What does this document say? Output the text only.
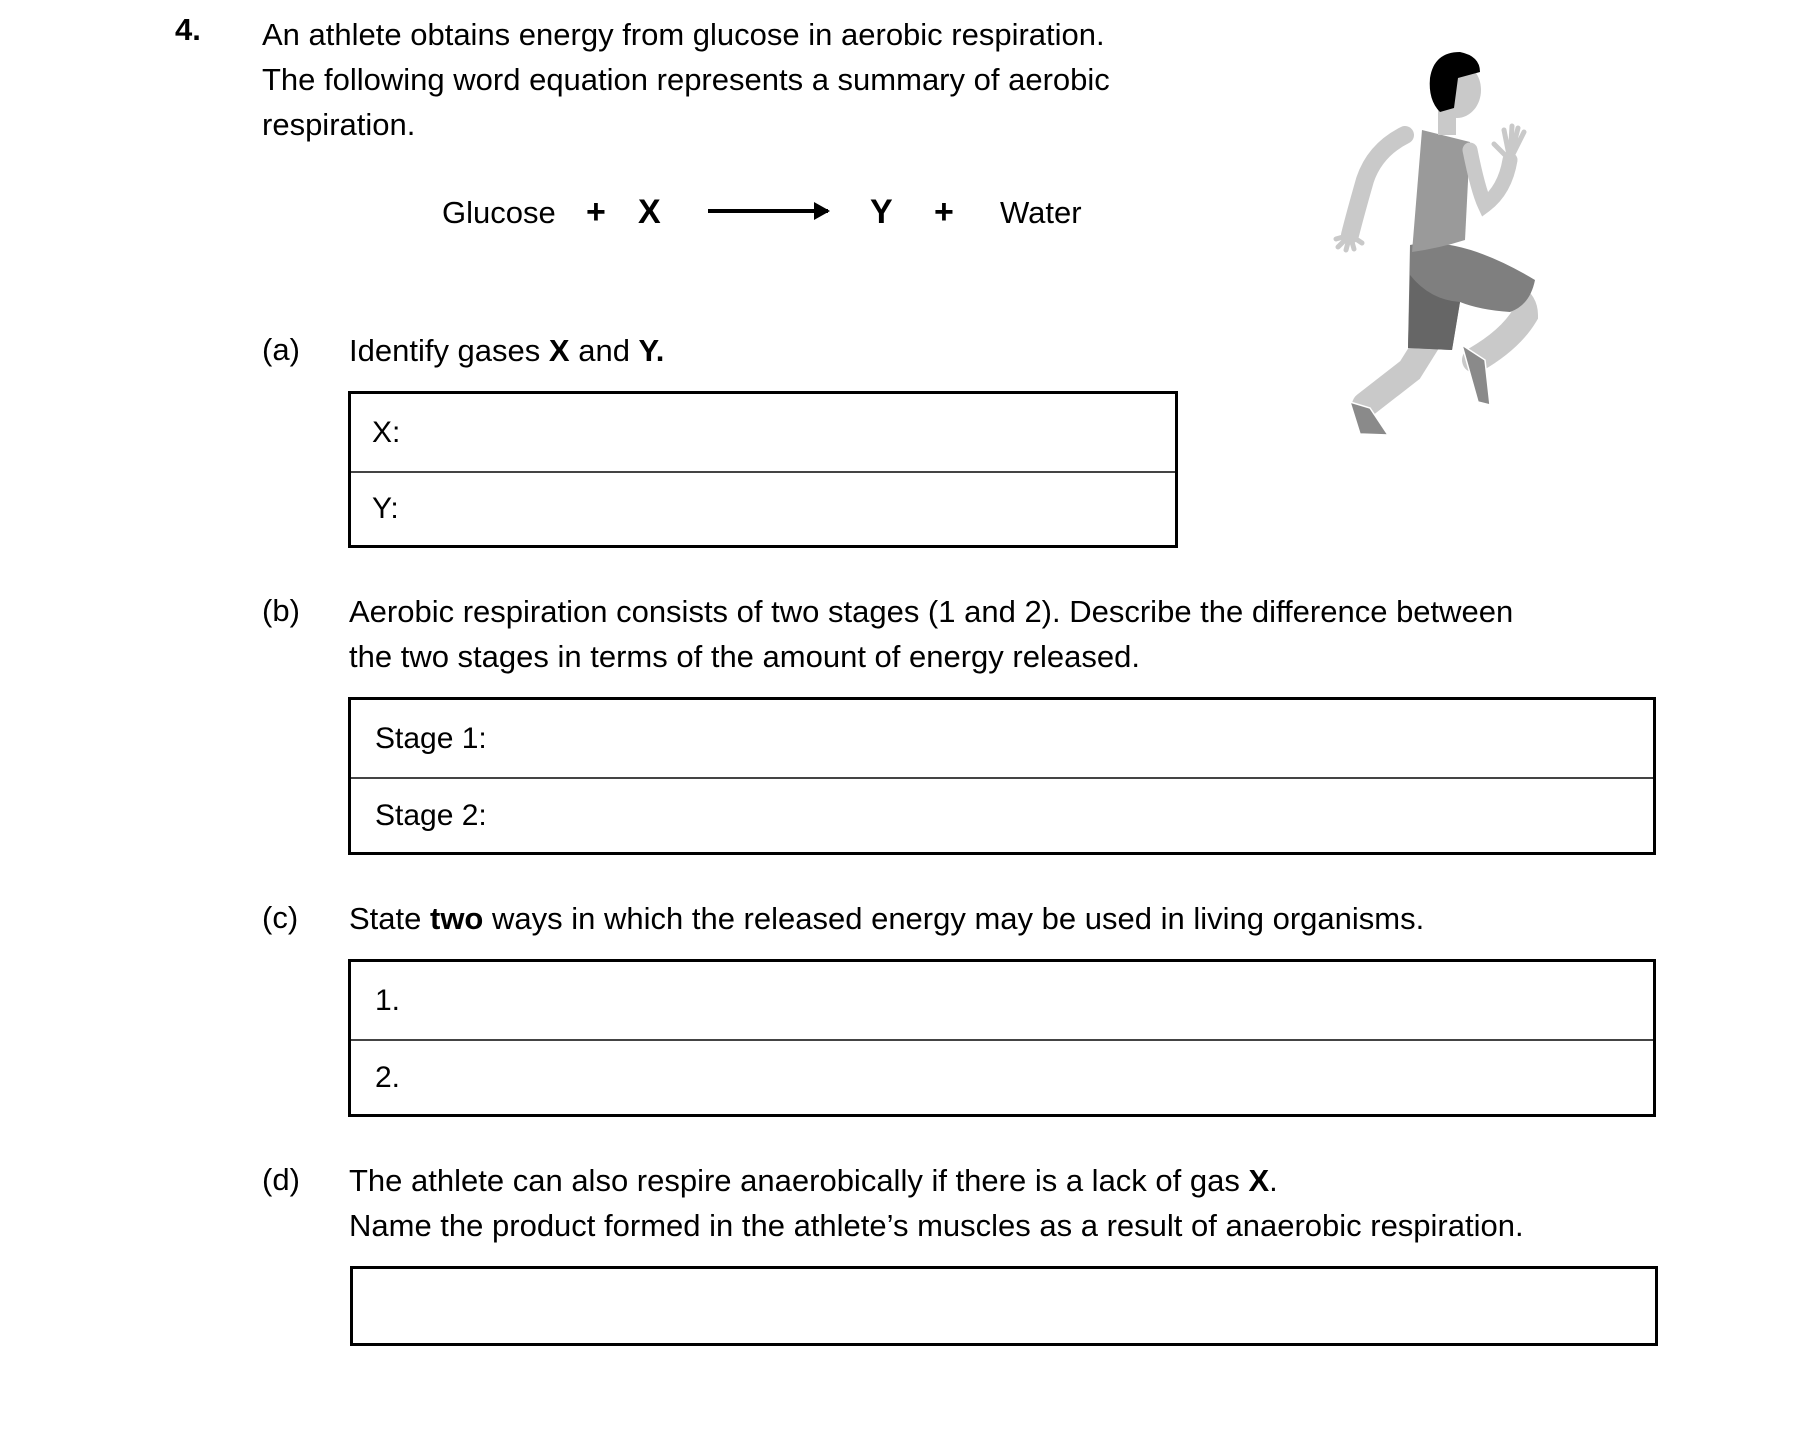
4. An athlete obtains energy from glucose in aerobic respiration. The following word equation represents a summary of aerobic respiration.
Glucose + X → Y + Water
(a) Identify gases X and Y.
X:
Y:
(b) Aerobic respiration consists of two stages (1 and 2). Describe the difference between
the two stages in terms of the amount of energy released.
Stage 1:
Stage 2:
(c) State two ways in which the released energy may be used in living organisms.
1.
2.
(d) The athlete can also respire anaerobically if there is a lack of gas X.
Name the product formed in the athlete’s muscles as a result of anaerobic respiration.
